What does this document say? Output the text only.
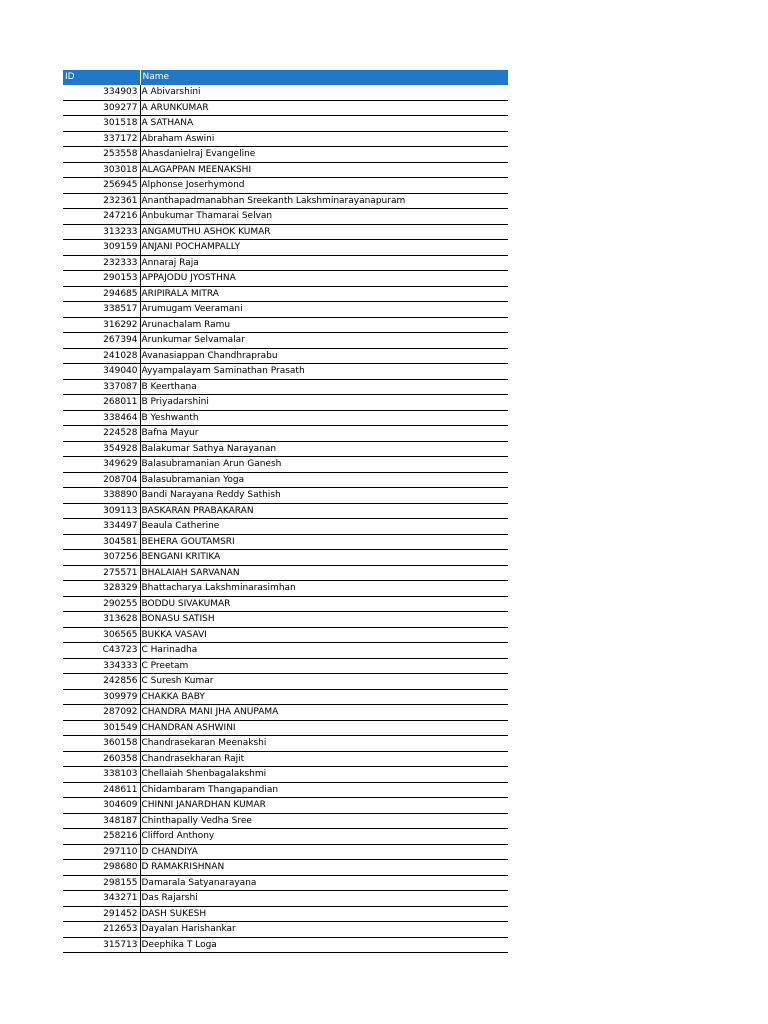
ID	Name
334903	A Abivarshini
309277	A ARUNKUMAR
301518	A SATHANA
337172	Abraham Aswini
253558	Ahasdanielraj Evangeline
303018	ALAGAPPAN MEENAKSHI
256945	Alphonse Joserhymond
232361	Ananthapadmanabhan Sreekanth Lakshminarayanapuram
247216	Anbukumar Thamarai Selvan
313233	ANGAMUTHU ASHOK KUMAR
309159	ANJANI POCHAMPALLY
232333	Annaraj Raja
290153	APPAJODU JYOSTHNA
294685	ARIPIRALA MITRA
338517	Arumugam Veeramani
316292	Arunachalam Ramu
267394	Arunkumar Selvamalar
241028	Avanasiappan Chandhraprabu
349040	Ayyampalayam Saminathan Prasath
337087	B Keerthana
268011	B Priyadarshini
338464	B Yeshwanth
224528	Bafna Mayur
354928	Balakumar Sathya Narayanan
349629	Balasubramanian Arun Ganesh
208704	Balasubramanian Yoga
338890	Bandi Narayana Reddy Sathish
309113	BASKARAN PRABAKARAN
334497	Beaula Catherine
304581	BEHERA GOUTAMSRI
307256	BENGANI KRITIKA
275571	BHALAIAH SARVANAN
328329	Bhattacharya Lakshminarasimhan
290255	BODDU SIVAKUMAR
313628	BONASU SATISH
306565	BUKKA VASAVI
C43723	C Harinadha
334333	C Preetam
242856	C Suresh Kumar
309979	CHAKKA BABY
287092	CHANDRA MANI JHA ANUPAMA
301549	CHANDRAN ASHWINI
360158	Chandrasekaran Meenakshi
260358	Chandrasekharan Rajit
338103	Chellaiah Shenbagalakshmi
248611	Chidambaram Thangapandian
304609	CHINNI JANARDHAN KUMAR
348187	Chinthapally Vedha Sree
258216	Clifford Anthony
297110	D CHANDIYA
298680	D RAMAKRISHNAN
298155	Damarala Satyanarayana
343271	Das Rajarshi
291452	DASH SUKESH
212653	Dayalan Harishankar
315713	Deephika T Loga
